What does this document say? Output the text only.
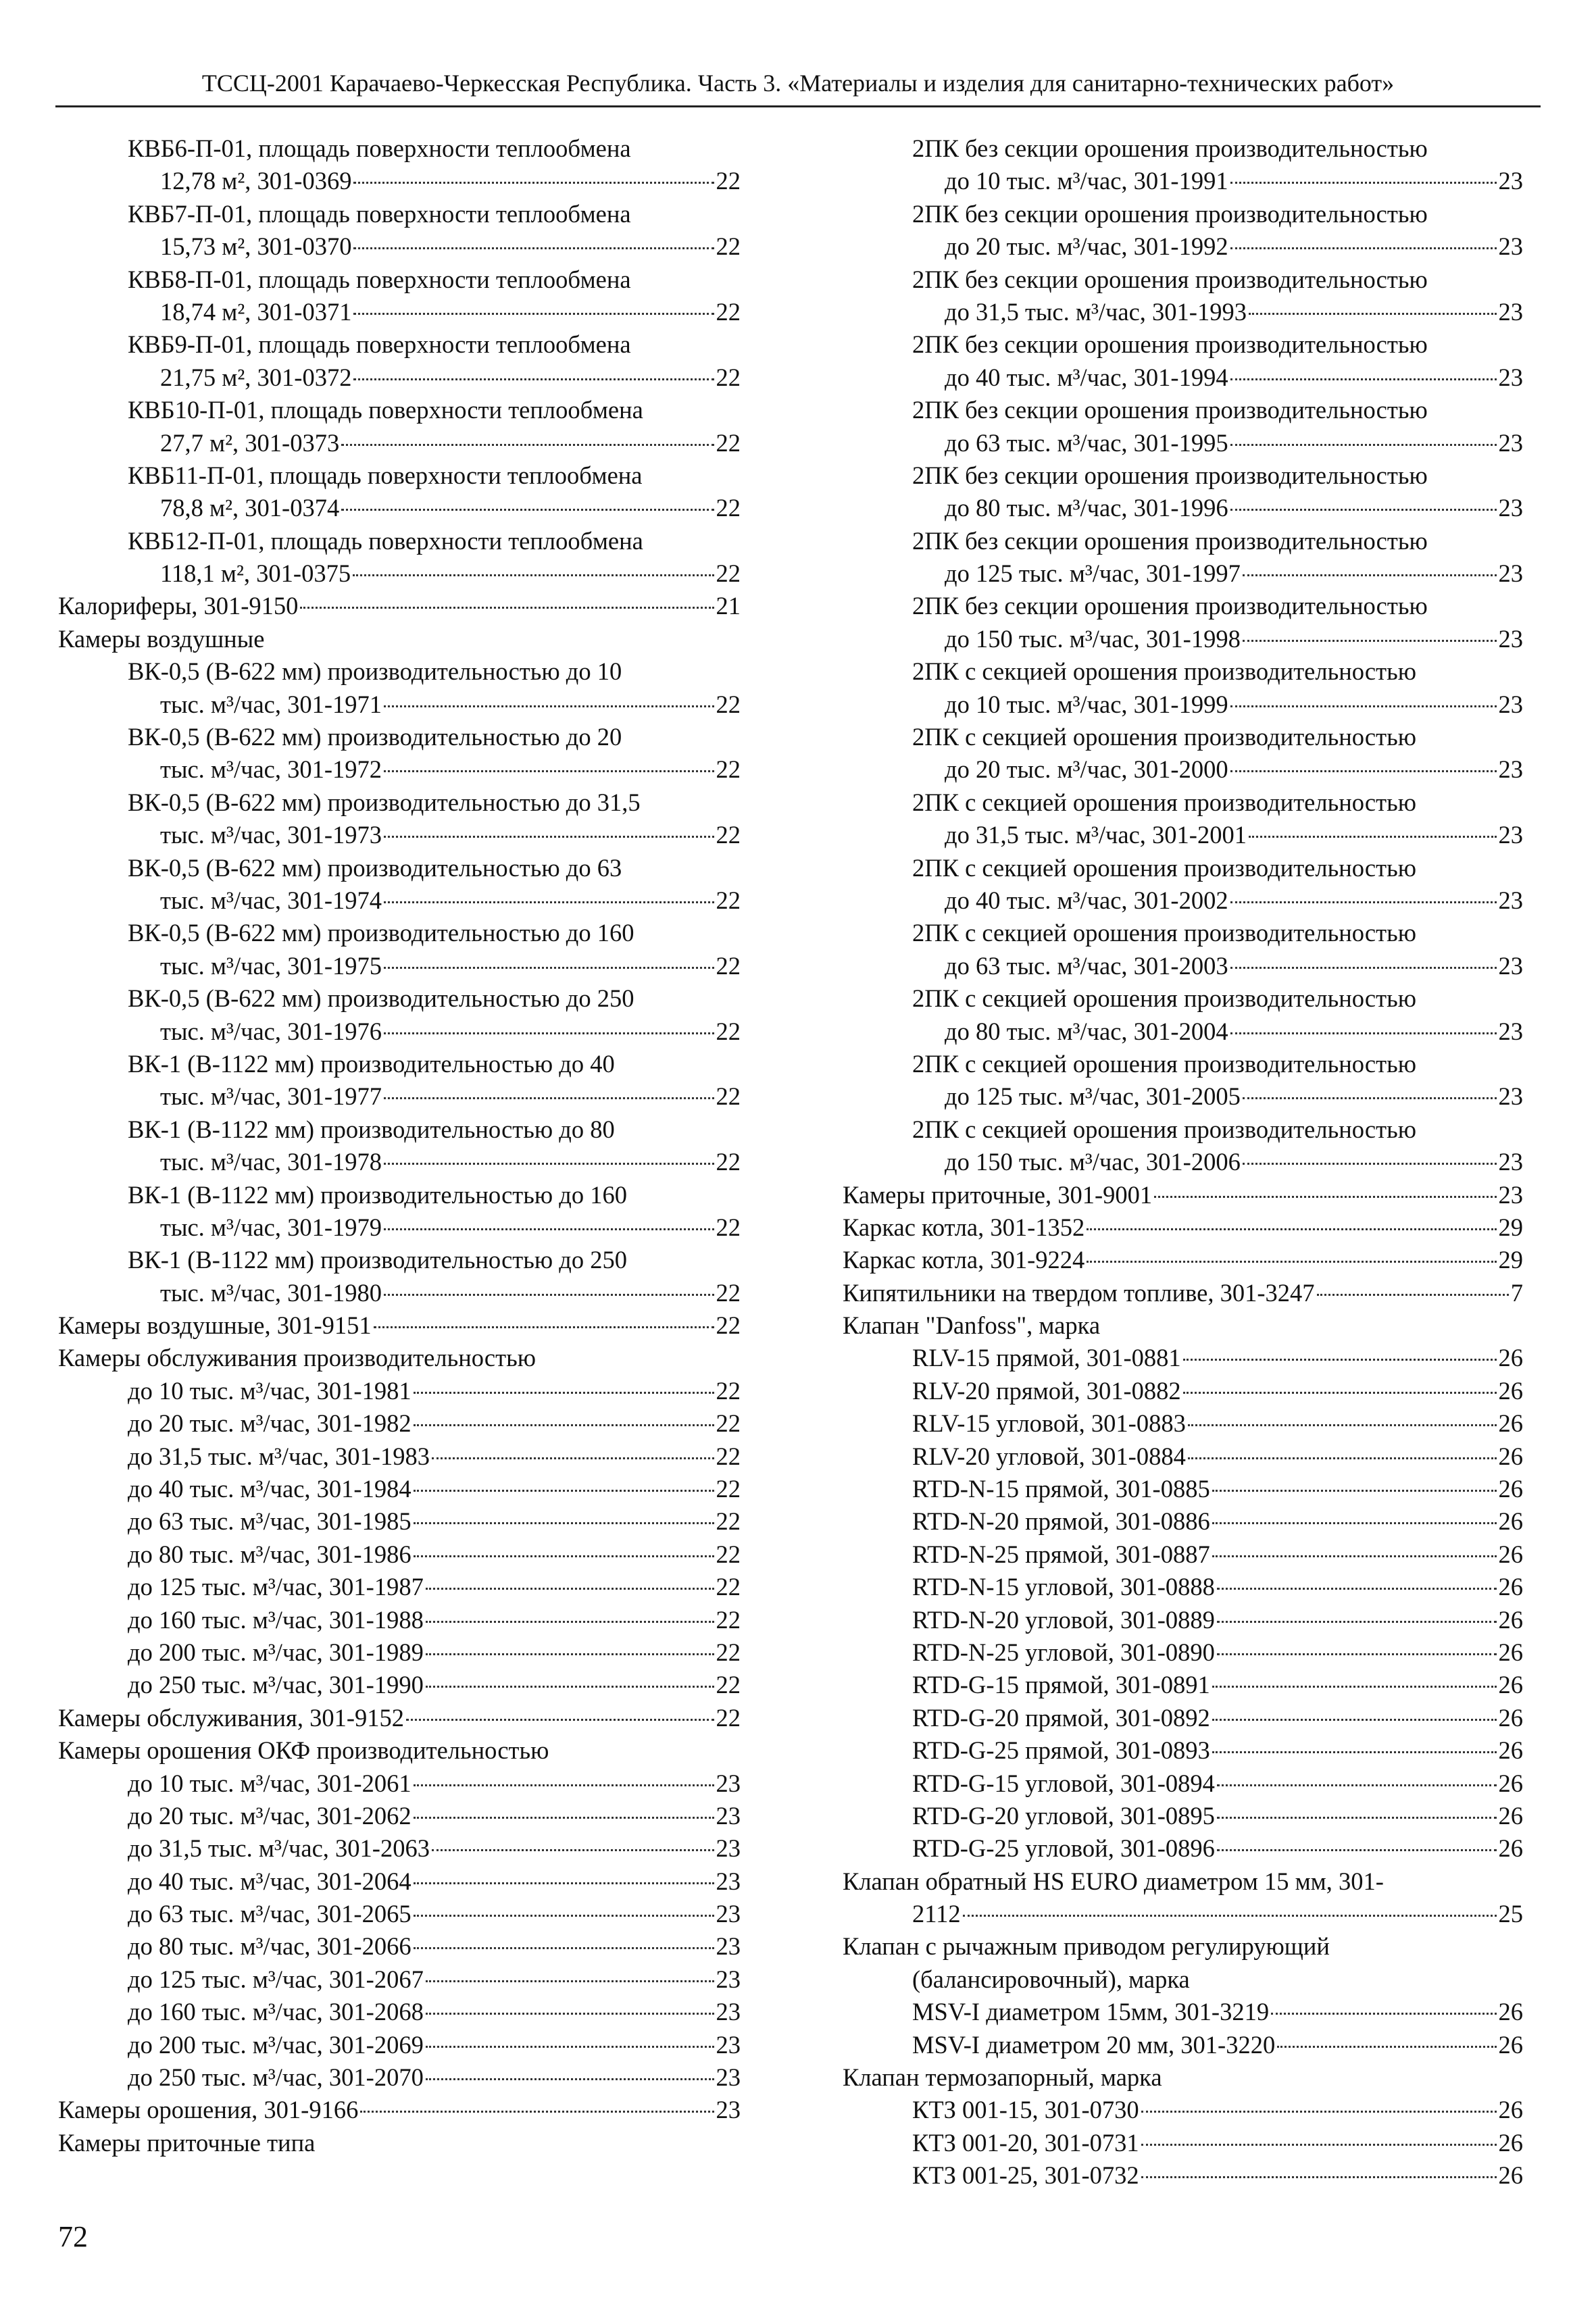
ТССЦ-2001 Карачаево-Черкесская Республика. Часть 3. «Материалы и изделия для санитарно-технических работ»
КВБ6-П-01, площадь поверхности теплообмена
12,78 м², 301-0369	22
КВБ7-П-01, площадь поверхности теплообмена
15,73 м², 301-0370	22
КВБ8-П-01, площадь поверхности теплообмена
18,74 м², 301-0371	22
КВБ9-П-01, площадь поверхности теплообмена
21,75 м², 301-0372	22
КВБ10-П-01, площадь поверхности теплообмена
27,7 м², 301-0373	22
КВБ11-П-01, площадь поверхности теплообмена
78,8 м², 301-0374	22
КВБ12-П-01, площадь поверхности теплообмена
118,1 м², 301-0375	22
Калориферы, 301-9150	21
Камеры воздушные
ВК-0,5 (В-622 мм) производительностью до 10
тыс. м³/час, 301-1971	22
ВК-0,5 (В-622 мм) производительностью до 20
тыс. м³/час, 301-1972	22
ВК-0,5 (В-622 мм) производительностью до 31,5
тыс. м³/час, 301-1973	22
ВК-0,5 (В-622 мм) производительностью до 63
тыс. м³/час, 301-1974	22
ВК-0,5 (В-622 мм) производительностью до 160
тыс. м³/час, 301-1975	22
ВК-0,5 (В-622 мм) производительностью до 250
тыс. м³/час, 301-1976	22
ВК-1 (В-1122 мм) производительностью до 40
тыс. м³/час, 301-1977	22
ВК-1 (В-1122 мм) производительностью до 80
тыс. м³/час, 301-1978	22
ВК-1 (В-1122 мм) производительностью до 160
тыс. м³/час, 301-1979	22
ВК-1 (В-1122 мм) производительностью до 250
тыс. м³/час, 301-1980	22
Камеры воздушные, 301-9151	22
Камеры обслуживания производительностью
до 10 тыс. м³/час, 301-1981	22
до 20 тыс. м³/час, 301-1982	22
до 31,5 тыс. м³/час, 301-1983	22
до 40 тыс. м³/час, 301-1984	22
до 63 тыс. м³/час, 301-1985	22
до 80 тыс. м³/час, 301-1986	22
до 125 тыс. м³/час, 301-1987	22
до 160 тыс. м³/час, 301-1988	22
до 200 тыс. м³/час, 301-1989	22
до 250 тыс. м³/час, 301-1990	22
Камеры обслуживания, 301-9152	22
Камеры орошения ОКФ производительностью
до 10 тыс. м³/час, 301-2061	23
до 20 тыс. м³/час, 301-2062	23
до 31,5 тыс. м³/час, 301-2063	23
до 40 тыс. м³/час, 301-2064	23
до 63 тыс. м³/час, 301-2065	23
до 80 тыс. м³/час, 301-2066	23
до 125 тыс. м³/час, 301-2067	23
до 160 тыс. м³/час, 301-2068	23
до 200 тыс. м³/час, 301-2069	23
до 250 тыс. м³/час, 301-2070	23
Камеры орошения, 301-9166	23
Камеры приточные типа
2ПК без секции орошения производительностью
до 10 тыс. м³/час, 301-1991	23
2ПК без секции орошения производительностью
до 20 тыс. м³/час, 301-1992	23
2ПК без секции орошения производительностью
до 31,5 тыс. м³/час, 301-1993	23
2ПК без секции орошения производительностью
до 40 тыс. м³/час, 301-1994	23
2ПК без секции орошения производительностью
до 63 тыс. м³/час, 301-1995	23
2ПК без секции орошения производительностью
до 80 тыс. м³/час, 301-1996	23
2ПК без секции орошения производительностью
до 125 тыс. м³/час, 301-1997	23
2ПК без секции орошения производительностью
до 150 тыс. м³/час, 301-1998	23
2ПК с секцией орошения производительностью
до 10 тыс. м³/час, 301-1999	23
2ПК с секцией орошения производительностью
до 20 тыс. м³/час, 301-2000	23
2ПК с секцией орошения производительностью
до 31,5 тыс. м³/час, 301-2001	23
2ПК с секцией орошения производительностью
до 40 тыс. м³/час, 301-2002	23
2ПК с секцией орошения производительностью
до 63 тыс. м³/час, 301-2003	23
2ПК с секцией орошения производительностью
до 80 тыс. м³/час, 301-2004	23
2ПК с секцией орошения производительностью
до 125 тыс. м³/час, 301-2005	23
2ПК с секцией орошения производительностью
до 150 тыс. м³/час, 301-2006	23
Камеры приточные, 301-9001	23
Каркас котла, 301-1352	29
Каркас котла, 301-9224	29
Кипятильники на твердом топливе, 301-3247	7
Клапан "Danfoss", марка
RLV-15 прямой, 301-0881	26
RLV-20 прямой, 301-0882	26
RLV-15 угловой, 301-0883	26
RLV-20 угловой, 301-0884	26
RTD-N-15 прямой, 301-0885	26
RTD-N-20 прямой, 301-0886	26
RTD-N-25 прямой, 301-0887	26
RTD-N-15 угловой, 301-0888	26
RTD-N-20 угловой, 301-0889	26
RTD-N-25 угловой, 301-0890	26
RTD-G-15 прямой, 301-0891	26
RTD-G-20 прямой, 301-0892	26
RTD-G-25 прямой, 301-0893	26
RTD-G-15 угловой, 301-0894	26
RTD-G-20 угловой, 301-0895	26
RTD-G-25 угловой, 301-0896	26
Клапан обратный HS EURO диаметром 15 мм, 301-
2112	25
Клапан с рычажным приводом регулирующий
(балансировочный), марка
MSV-I диаметром 15мм, 301-3219	26
MSV-I диаметром 20 мм, 301-3220	26
Клапан термозапорный, марка
КТЗ 001-15, 301-0730	26
КТЗ 001-20, 301-0731	26
КТЗ 001-25, 301-0732	26
72
